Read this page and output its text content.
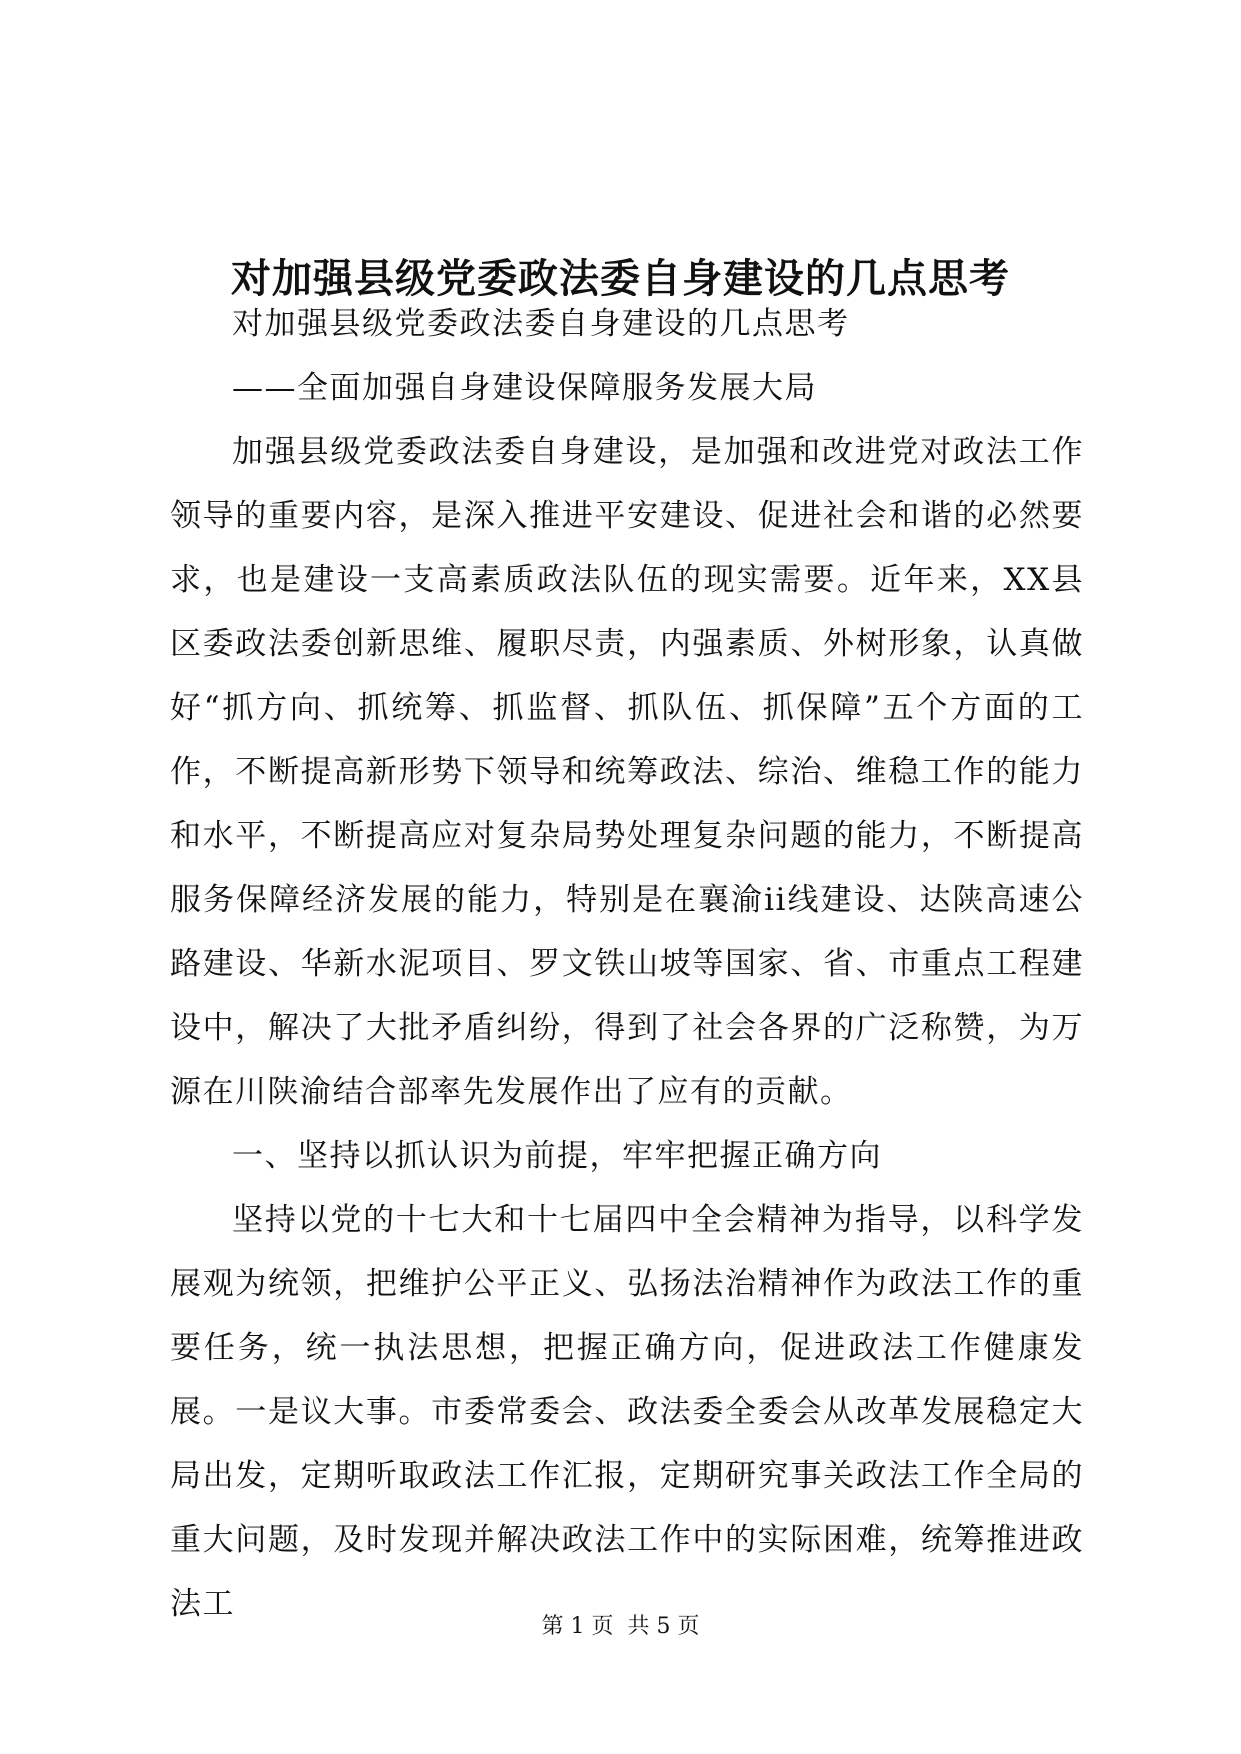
对加强县级党委政法委自身建设的几点思考

对加强县级党委政法委自身建设的几点思考

——全面加强自身建设保障服务发展大局

加强县级党委政法委自身建设，是加强和改进党对政法工作领导的重要内容，是深入推进平安建设、促进社会和谐的必然要求，也是建设一支高素质政法队伍的现实需要。近年来，XX县区委政法委创新思维、履职尽责，内强素质、外树形象，认真做好“抓方向、抓统筹、抓监督、抓队伍、抓保障”五个方面的工作，不断提高新形势下领导和统筹政法、综治、维稳工作的能力和水平，不断提高应对复杂局势处理复杂问题的能力，不断提高服务保障经济发展的能力，特别是在襄渝ii线建设、达陕高速公路建设、华新水泥项目、罗文铁山坡等国家、省、市重点工程建设中，解决了大批矛盾纠纷，得到了社会各界的广泛称赞，为万源在川陕渝结合部率先发展作出了应有的贡献。

一、坚持以抓认识为前提，牢牢把握正确方向

坚持以党的十七大和十七届四中全会精神为指导，以科学发展观为统领，把维护公平正义、弘扬法治精神作为政法工作的重要任务，统一执法思想，把握正确方向，促进政法工作健康发展。一是议大事。市委常委会、政法委全委会从改革发展稳定大局出发，定期听取政法工作汇报，定期研究事关政法工作全局的重大问题，及时发现并解决政法工作中的实际困难，统筹推进政法工

第 1 页  共 5 页
